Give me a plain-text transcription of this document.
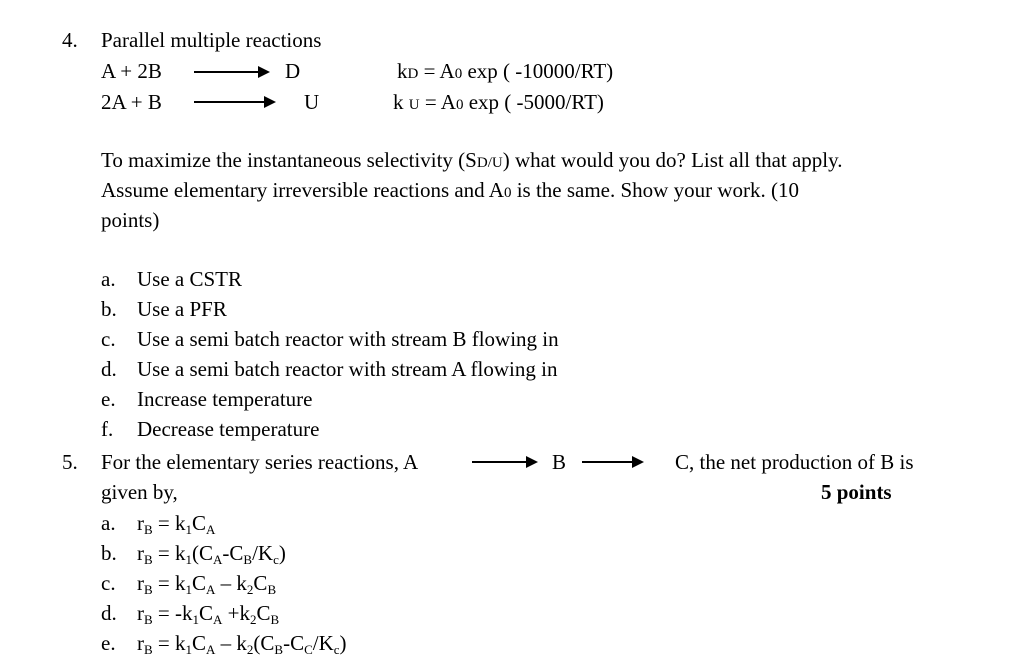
4. Parallel multiple reactions
A + 2B	D
2A + B	U
kD = A0 exp ( -10000/RT)
k U = A0 exp ( -5000/RT)
To maximize the instantaneous selectivity (SD/U) what would you do? List all that apply.
Assume elementary irreversible reactions and A0 is the same. Show your work. (10
points)
a. Use a CSTR
b. Use a PFR
c. Use a semi batch reactor with stream B flowing in
d. Use a semi batch reactor with stream A flowing in
e. Increase temperature
f. Decrease temperature
5. For the elementary series reactions, A	B	C, the net production of B is
given by,	5 points
a. $r_B = k_1C_A$
b. $r_B = k_1(C_A-C_B/K_c)$
c. $r_B = k_1C_A - k_2C_B$
d. $r_B = -k_1C_A +k_2C_B$
e. $r_B = k_1C_A - k_2(C_B-C_C/K_c)$
